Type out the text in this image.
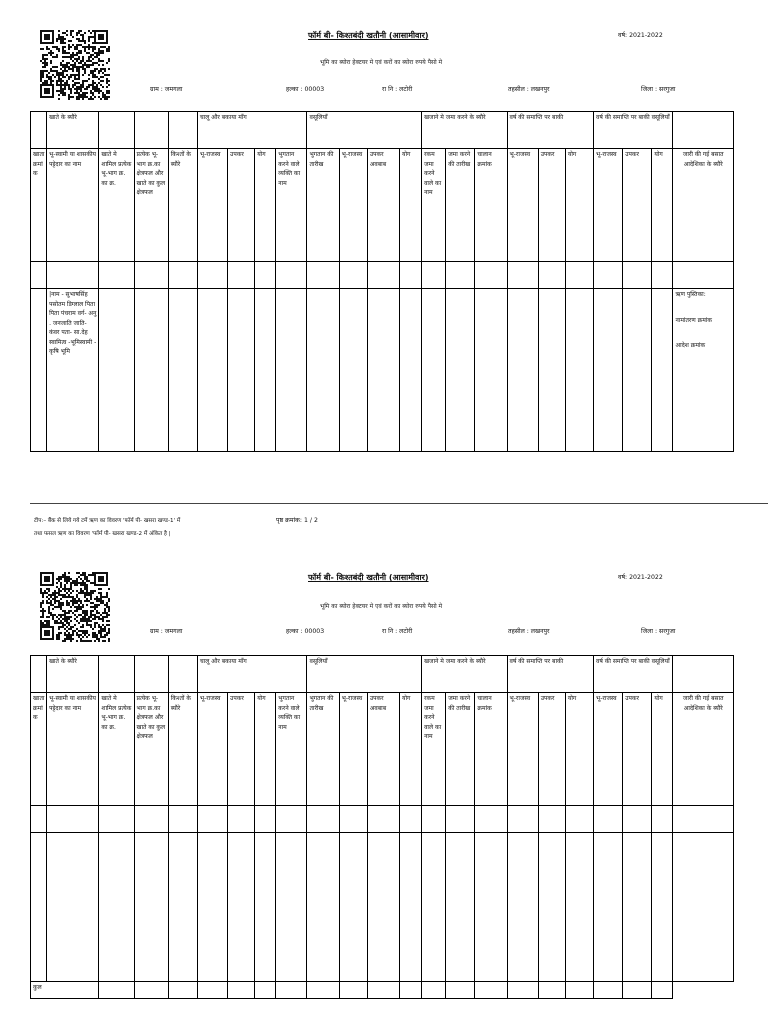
फॉर्म बी- किश्तबंदी खतौनी (आसामीवार)	वर्ष: 2021-2022
भूमि का ब्योरा हेक्टयर मे एवं करों का ब्योरा रुपये पैसो मे
ग्राम : जमगला	हल्का : 00003	रा नि : लटोरी	तहसील : लखनपुर	जिला : सरगुजा
	खाते के ब्यौरे				चालू और बकाया माँग				वसूलियाँ				खजाने मे जमा करने के ब्यौरे			वर्ष की समाप्ति पर बाकी			वर्ष की समाप्ति पर बाकी वसूलियाँ			
खाता क्रमां क	भू-स्वामी या शासकीय पट्टेदार का नाम	खाते मे शामिल प्रत्येक भू-भाग क्र. का क्र.	प्रत्येक भू-भाग क्र.का क्षेत्रफल और खाते का कुल क्षेत्रफल	किश्तों के ब्यौरे	भू-राजस्व	उपकर	योग	भुगतान करने वाले व्यक्ति का नाम	भुगतान की तारीख	भू-राजस्व	उपकर अवबाब	योग	रकम जमा करने वाले का नाम	जमा करने की तारीख	चालान क्रमांक	भू-राजस्व	उपकर	योग	भू-राजस्व	उपकर	योग	जारी की गई बसात आदेशिका के ब्यौरे

	|नाम - सुभाषसिंह पसोतम डिग्लाल पिता पिता पंचराम वर्ग- अनु . जनजाति जाति- कंवर पता- सा.देह स्वामित्व -भूमिस्वामी - कृषि भूमि																					ऋण पुस्तिका:
नामांतरण क्रमांक
आदेश क्रमांक
टीप:– बैंक से लिये गये टमें ऋण का विवरण 'फॉर्म पी- खसरा खण्ड-1' में
तथा फसल ऋण का विवरण 'फॉर्म पी- खसरा खण्ड-2 में अंकित है |
पृष्ठ क्रमांक: 1 / 2
फॉर्म बी- किश्तबंदी खतौनी (आसामीवार)	वर्ष: 2021-2022
भूमि का ब्योरा हेक्टयर मे एवं करों का ब्योरा रुपये पैसो मे
ग्राम : जमगला	हल्का : 00003	रा नि : लटोरी	तहसील : लखनपुर	जिला : सरगुजा
	खाते के ब्यौरे				चालू और बकाया माँग				वसूलियाँ				खजाने मे जमा करने के ब्यौरे			वर्ष की समाप्ति पर बाकी			वर्ष की समाप्ति पर बाकी वसूलियाँ			
खाता क्रमां क	भू-स्वामी या शासकीय पट्टेदार का नाम	खाते मे शामिल प्रत्येक भू-भाग क्र. का क्र.	प्रत्येक भू-भाग क्र.का क्षेत्रफल और खाते का कुल क्षेत्रफल	किश्तों के ब्यौरे	भू-राजस्व	उपकर	योग	भुगतान करने वाले व्यक्ति का नाम	भुगतान की तारीख	भू-राजस्व	उपकर अवबाब	योग	रकम जमा करने वाले का नाम	जमा करने की तारीख	चालान क्रमांक	भू-राजस्व	उपकर	योग	भू-राजस्व	उपकर	योग	जारी की गई बसात आदेशिका के ब्यौरे

कुल																						
